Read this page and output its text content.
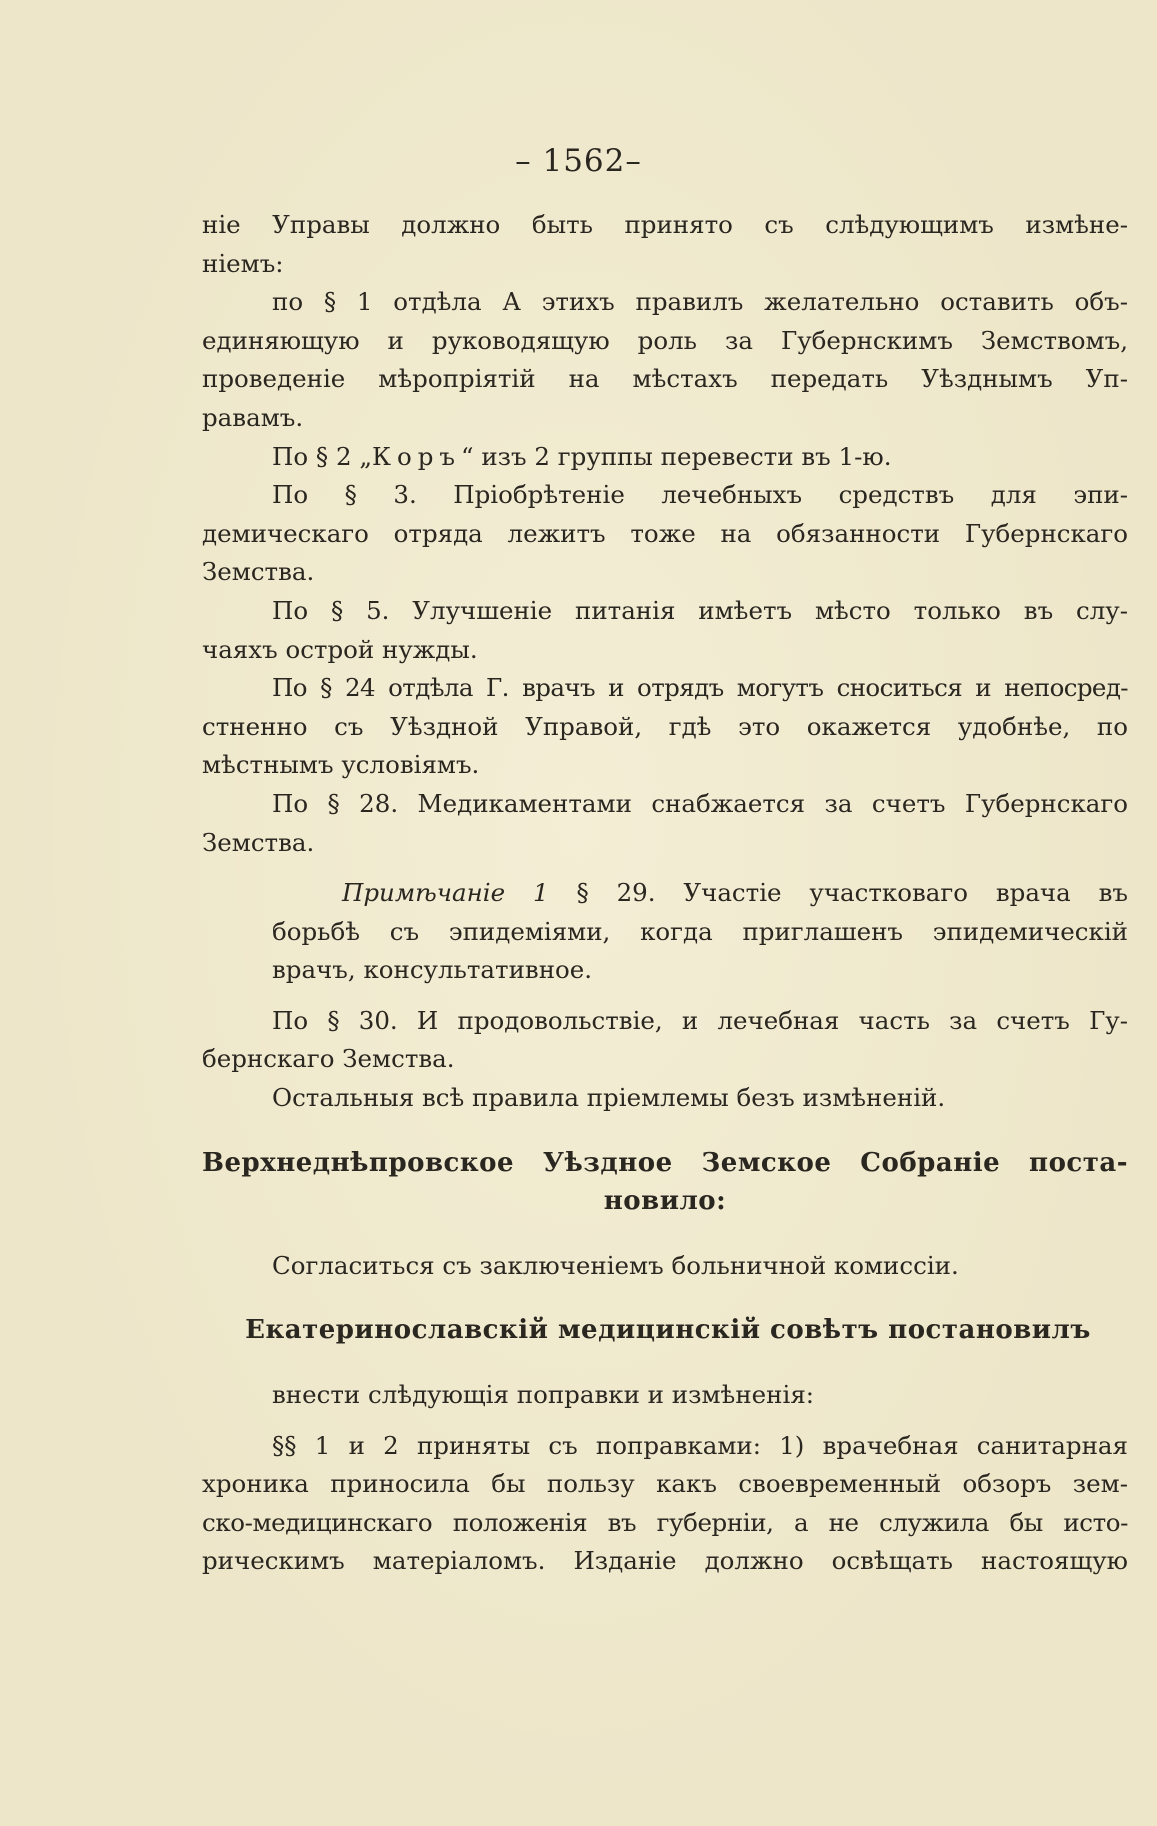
– 1562–
ніе Управы должно быть принято съ слѣдующимъ измѣне-
ніемъ:
по § 1 отдѣла А этихъ правилъ желательно оставить объ-
единяющую и руководящую роль за Губернскимъ Земствомъ,
проведеніе мѣропріятій на мѣстахъ передать Уѣзднымъ Уп-
равамъ.
По § 2 „Коръ“ изъ 2 группы перевести въ 1-ю.
По § 3. Пріобрѣтеніе лечебныхъ средствъ для эпи-
демическаго отряда лежитъ тоже на обязанности Губернскаго
Земства.
По § 5. Улучшеніе питанія имѣетъ мѣсто только въ слу-
чаяхъ острой нужды.
По § 24 отдѣла Г. врачъ и отрядъ могутъ сноситься и непосред-
стненно съ Уѣздной Управой, гдѣ это окажется удобнѣе, по
мѣстнымъ условіямъ.
По § 28. Медикаментами снабжается за счетъ Губернскаго
Земства.
Примѣчаніе 1 § 29. Участіе участковаго врача въ
борьбѣ съ эпидеміями, когда приглашенъ эпидемическій
врачъ, консультативное.
По § 30. И продовольствіе, и лечебная часть за счетъ Гу-
бернскаго Земства.
Остальныя всѣ правила пріемлемы безъ измѣненій.
Верхнеднѣпровское Уѣздное Земское Собраніе поста-
новило:
Согласиться съ заключеніемъ больничной комиссіи.
Екатеринославскій медицинскій совѣтъ постановилъ
внести слѣдующія поправки и измѣненія:
§§ 1 и 2 приняты съ поправками: 1) врачебная санитарная
хроника приносила бы пользу какъ своевременный обзоръ зем-
ско-медицинскаго положенія въ губерніи, а не служила бы исто-
рическимъ матеріаломъ. Изданіе должно освѣщать настоящую
